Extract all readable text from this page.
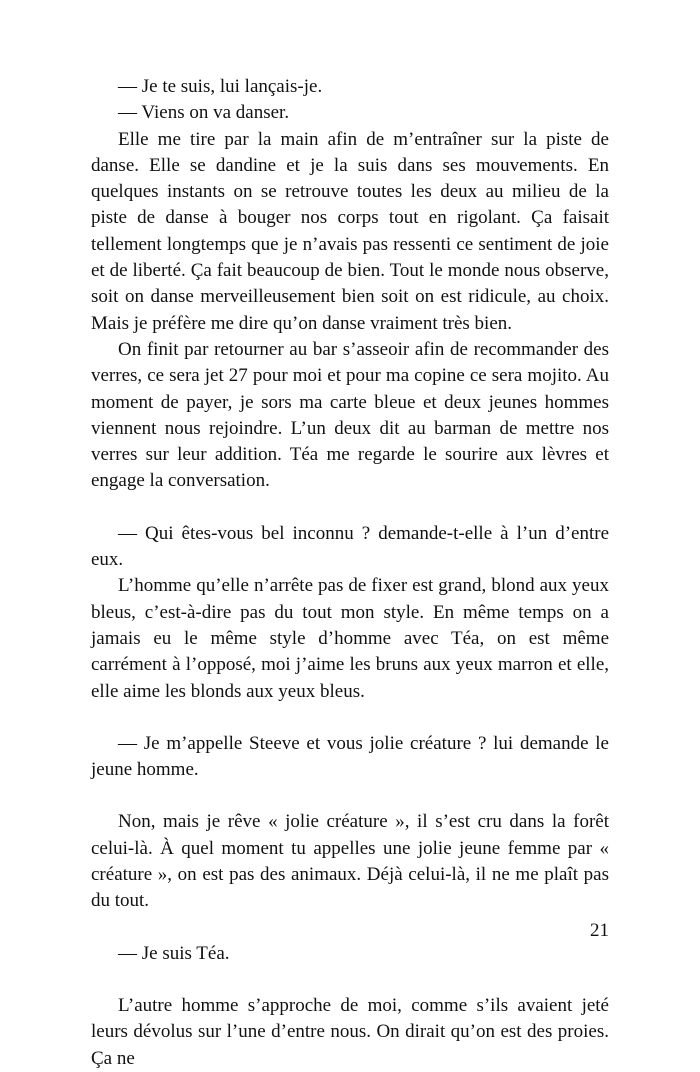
— Je te suis, lui lançais-je.

— Viens on va danser.

Elle me tire par la main afin de m’entraîner sur la piste de danse. Elle se dandine et je la suis dans ses mouvements. En quelques instants on se retrouve toutes les deux au milieu de la piste de danse à bouger nos corps tout en rigolant. Ça faisait tellement longtemps que je n’avais pas ressenti ce sentiment de joie et de liberté. Ça fait beaucoup de bien. Tout le monde nous observe, soit on danse merveilleusement bien soit on est ridicule, au choix. Mais je préfère me dire qu’on danse vraiment très bien.

On finit par retourner au bar s’asseoir afin de recommander des verres, ce sera jet 27 pour moi et pour ma copine ce sera mojito. Au moment de payer, je sors ma carte bleue et deux jeunes hommes viennent nous rejoindre. L’un deux dit au barman de mettre nos verres sur leur addition. Téa me regarde le sourire aux lèvres et engage la conversation.

— Qui êtes-vous bel inconnu ? demande-t-elle à l’un d’entre eux.

L’homme qu’elle n’arrête pas de fixer est grand, blond aux yeux bleus, c’est-à-dire pas du tout mon style. En même temps on a jamais eu le même style d’homme avec Téa, on est même carrément à l’opposé, moi j’aime les bruns aux yeux marron et elle, elle aime les blonds aux yeux bleus.

— Je m’appelle Steeve et vous jolie créature ? lui demande le jeune homme.

Non, mais je rêve « jolie créature », il s’est cru dans la forêt celui-là. À quel moment tu appelles une jolie jeune femme par « créature », on est pas des animaux. Déjà celui-là, il ne me plaît pas du tout.

— Je suis Téa.

L’autre homme s’approche de moi, comme s’ils avaient jeté leurs dévolus sur l’une d’entre nous. On dirait qu’on est des proies. Ça ne

21
